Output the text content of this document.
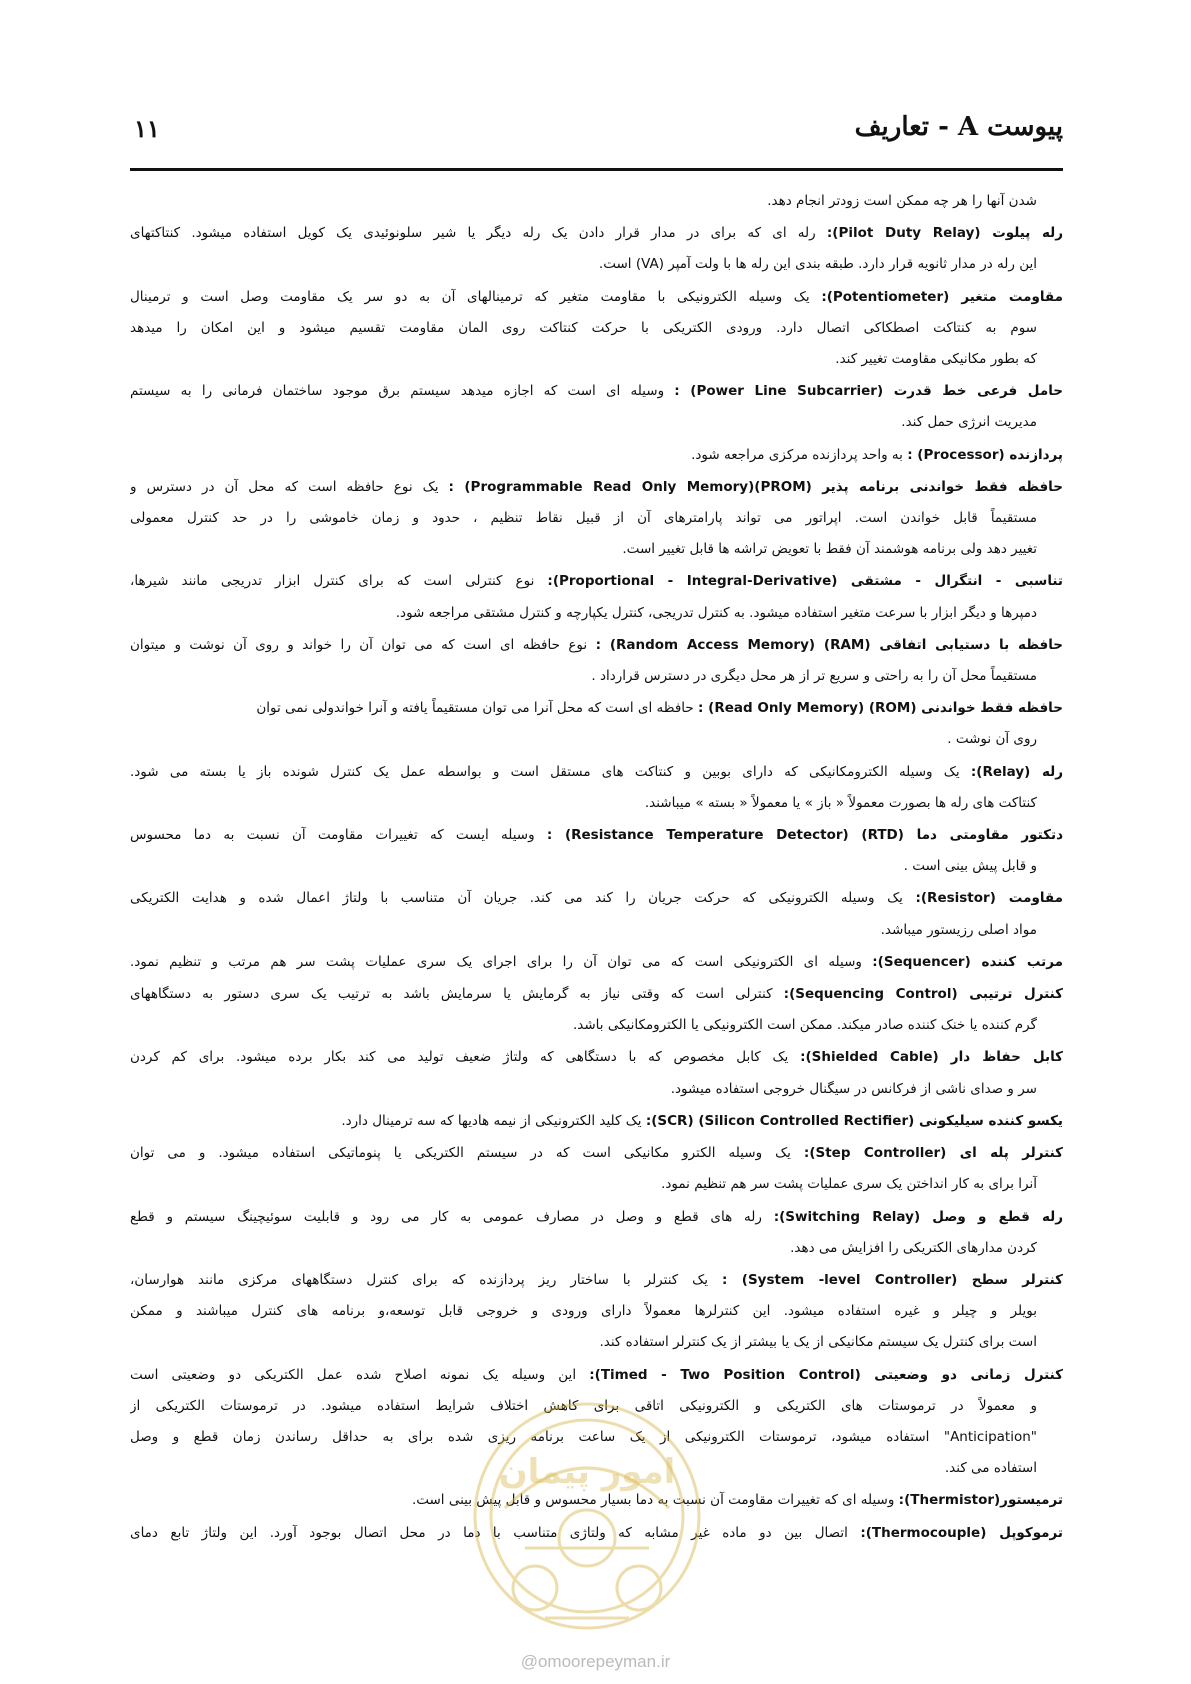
پیوست A - تعاریف
۱۱
شدن آنها را هر چه ممکن است زودتر انجام دهد.
رله پیلوت (Pilot Duty Relay): رله ای که برای در مدار قرار دادن یک رله دیگر یا شیر سلونوئیدی یک کویل استفاده میشود. کنتاکتهای
این رله در مدار ثانویه قرار دارد. طبقه بندی این رله ها با ولت آمپر (VA) است.
مقاومت متغیر (Potentiometer): یک وسیله الکترونیکی با مقاومت متغیر که ترمینالهای آن به دو سر یک مقاومت وصل است و ترمینال
سوم به کنتاکت اصطکاکی اتصال دارد. ورودی الکتریکی با حرکت کنتاکت روی المان مقاومت تقسیم میشود و این امکان را میدهد
که بطور مکانیکی مقاومت تغییر کند.
حامل فرعی خط قدرت (Power Line Subcarrier) : وسیله ای است که اجازه میدهد سیستم برق موجود ساختمان فرمانی را به سیستم
مدیریت انرژی حمل کند.
پردازنده (Processor) : به واحد پردازنده مرکزی مراجعه شود.
حافظه فقط خواندنی برنامه پذیر (PROM)(Programmable Read Only Memory) : یک نوع حافظه است که محل آن در دسترس و
مستقیماً قابل خواندن است. اپراتور می تواند پارامترهای آن از قبیل نقاط تنظیم ، حدود و زمان خاموشی را در حد کنترل معمولی
تغییر دهد ولی برنامه هوشمند آن فقط با تعویض تراشه ها قابل تغییر است.
تناسبی - انتگرال - مشتقی (Proportional - Integral-Derivative): نوع کنترلی است که برای کنترل ابزار تدریجی مانند شیرها،
دمپرها و دیگر ابزار با سرعت متغیر استفاده میشود. به کنترل تدریجی، کنترل یکپارچه و کنترل مشتقی مراجعه شود.
حافظه با دستیابی اتفاقی (RAM) (Random Access Memory) : نوع حافظه ای است که می توان آن را خواند و روی آن نوشت و میتوان
مستقیماً محل آن را به راحتی و سریع تر از هر محل دیگری در دسترس قرارداد .
حافظه فقط خواندنی (ROM) (Read Only Memory) : حافظه ای است که محل آنرا می توان مستقیماً یافته و آنرا خواندولی نمی توان
روی آن نوشت .
رله (Relay): یک وسیله الکترومکانیکی که دارای بوبین و کنتاکت های مستقل است و بواسطه عمل یک کنترل شونده باز یا بسته می شود.
کنتاکت های رله ها بصورت معمولاً « باز » یا معمولاً « بسته » میباشند.
دتکتور مقاومتی دما (RTD) (Resistance Temperature Detector) : وسیله ایست که تغییرات مقاومت آن نسبت به دما محسوس
و قابل پیش بینی است .
مقاومت (Resistor): یک وسیله الکترونیکی که حرکت جریان را کند می کند. جریان آن متناسب با ولتاژ اعمال شده و هدایت الکتریکی
مواد اصلی رزیستور میباشد.
مرتب کننده (Sequencer): وسیله ای الکترونیکی است که می توان آن را برای اجرای یک سری عملیات پشت سر هم مرتب و تنظیم نمود.
کنترل ترتیبی (Sequencing Control): کنترلی است که وقتی نیاز به گرمایش یا سرمایش باشد به ترتیب یک سری دستور به دستگاههای
گرم کننده یا خنک کننده صادر میکند. ممکن است الکترونیکی یا الکترومکانیکی باشد.
کابل حفاظ دار (Shielded Cable): یک کابل مخصوص که با دستگاهی که ولتاژ ضعیف تولید می کند بکار برده میشود. برای کم کردن
سر و صدای ناشی از فرکانس در سیگنال خروجی استفاده میشود.
یکسو کننده سیلیکونی (Silicon Controlled Rectifier) (SCR): یک کلید الکترونیکی از نیمه هادیها که سه ترمینال دارد.
کنترلر پله ای (Step Controller): یک وسیله الکترو مکانیکی است که در سیستم الکتریکی یا پنوماتیکی استفاده میشود. و می توان
آنرا برای به کار انداختن یک سری عملیات پشت سر هم تنظیم نمود.
رله قطع و وصل (Switching Relay): رله های قطع و وصل در مصارف عمومی به کار می رود و قابلیت سوئیچینگ سیستم و قطع
کردن مدارهای الکتریکی را افزایش می دهد.
کنترلر سطح (System -level Controller) : یک کنترلر با ساختار ریز پردازنده که برای کنترل دستگاههای مرکزی مانند هوارسان،
بویلر و چیلر و غیره استفاده میشود. این کنترلرها معمولاً دارای ورودی و خروجی قابل توسعه،و برنامه های کنترل میباشند و ممکن
است برای کنترل یک سیستم مکانیکی از یک یا بیشتر از یک کنترلر استفاده کند.
کنترل زمانی دو وضعیتی (Timed - Two Position Control): این وسیله یک نمونه اصلاح شده عمل الکتریکی دو وضعیتی است
و معمولاً در ترموستات های الکتریکی و الکترونیکی اتاقی برای کاهش اختلاف شرایط استفاده میشود. در ترموستات الکتریکی از
"Anticipation" استفاده میشود، ترموستات الکترونیکی از یک ساعت برنامه ریزی شده برای به حداقل رساندن زمان قطع و وصل
استفاده می کند.
ترمیستور(Thermistor): وسیله ای که تغییرات مقاومت آن نسبت به دما بسیار محسوس و قابل پیش بینی است.
ترموکوپل (Thermocouple): اتصال بین دو ماده غیر مشابه که ولتاژی متناسب با دما در محل اتصال بوجود آورد. این ولتاژ تابع دمای
امور پیمان
@omoorepeyman.ir
